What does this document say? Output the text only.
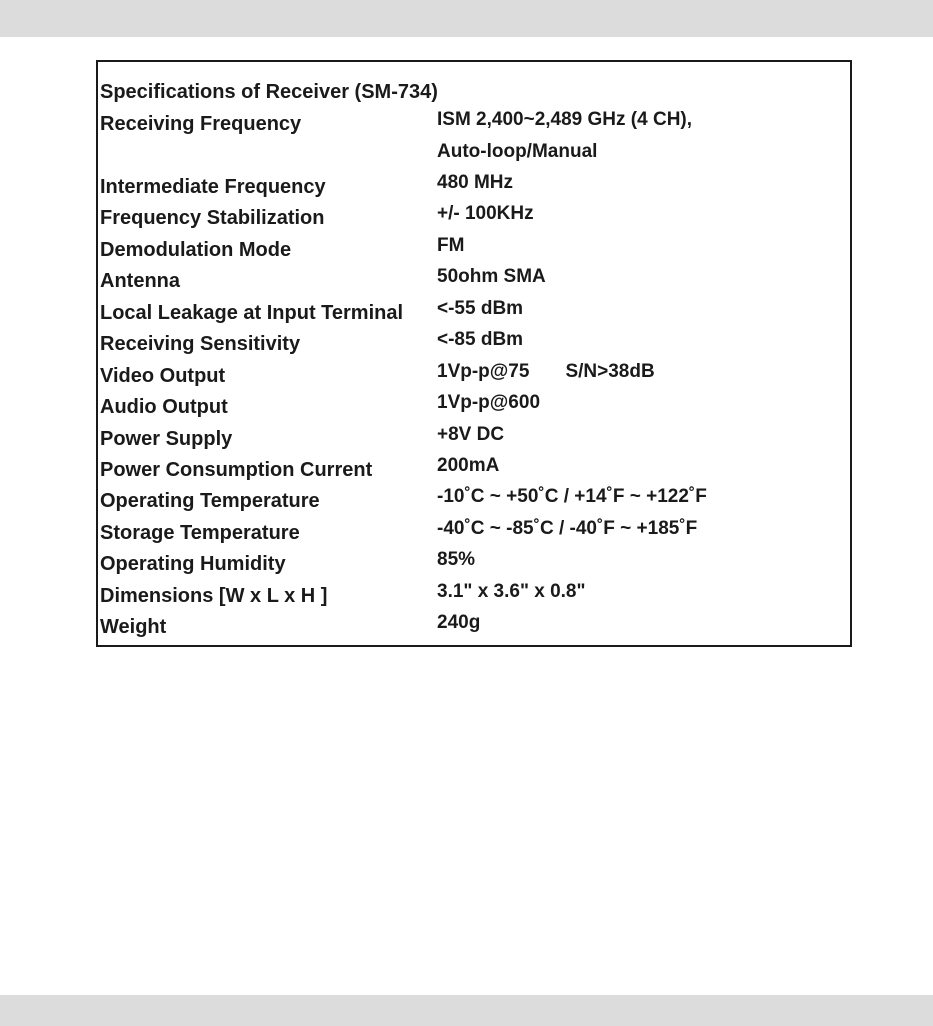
Specifications of Receiver (SM-734)
Receiving Frequency	ISM 2,400~2,489 GHz (4 CH),
Auto-loop/Manual
Intermediate Frequency	480 MHz
Frequency Stabilization	+/- 100KHz
Demodulation Mode	FM
Antenna	50ohm SMA
Local Leakage at Input Terminal <-55 dBm
Receiving Sensitivity	<-85 dBm
Video Output	1Vp-p@75 S/N>38dB
Audio Output	1Vp-p@600
Power Supply	+8V DC
Power Consumption Current	200mA
Operating Temperature	-10˚C ~ +50˚C / +14˚F ~ +122˚F
Storage Temperature	-40˚C ~ -85˚C / -40˚F ~ +185˚F
Operating Humidity	85%
Dimensions [W x L x H ]	3.1" x 3.6" x 0.8"
Weight	240g
